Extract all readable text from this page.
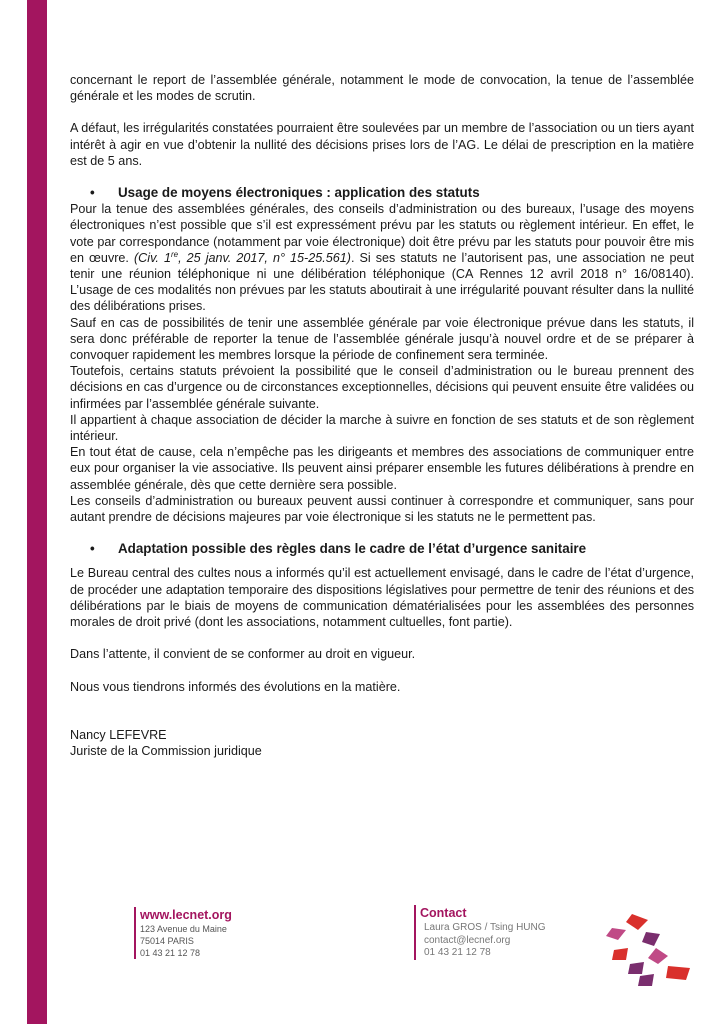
concernant le report de l’assemblée générale, notamment le mode de convocation, la tenue de l’assemblée générale et les modes de scrutin.

A défaut, les irrégularités constatées pourraient être soulevées par un membre de l’association ou un tiers ayant intérêt à agir en vue d’obtenir la nullité des décisions prises lors de l’AG. Le délai de prescription en la matière est de 5 ans.

•	Usage de moyens électroniques : application des statuts

Pour la tenue des assemblées générales, des conseils d’administration ou des bureaux, l’usage des moyens électroniques n’est possible que s’il est expressément prévu par les statuts ou règlement intérieur. En effet, le vote par correspondance (notamment par voie électronique) doit être prévu par les statuts pour pouvoir être mis en œuvre. (Civ. 1re, 25 janv. 2017, n° 15-25.561). Si ses statuts ne l’autorisent pas, une association ne peut tenir une réunion téléphonique ni une délibération téléphonique (CA Rennes 12 avril 2018 n° 16/08140). L’usage de ces modalités non prévues par les statuts aboutirait à une irrégularité pouvant résulter dans la nullité des délibérations prises.

Sauf en cas de possibilités de tenir une assemblée générale par voie électronique prévue dans les statuts, il sera donc préférable de reporter la tenue de l’assemblée générale jusqu’à nouvel ordre et de se préparer à convoquer rapidement les membres lorsque la période de confinement sera terminée.

Toutefois, certains statuts prévoient la possibilité que le conseil d’administration ou le bureau prennent des décisions en cas d’urgence ou de circonstances exceptionnelles, décisions qui peuvent ensuite être validées ou infirmées par l’assemblée générale suivante.

Il appartient à chaque association de décider la marche à suivre en fonction de ses statuts et de son règlement intérieur.

En tout état de cause, cela n’empêche pas les dirigeants et membres des associations de communiquer entre eux pour organiser la vie associative. Ils peuvent ainsi préparer ensemble les futures délibérations à prendre en assemblée générale, dès que cette dernière sera possible.

Les conseils d’administration ou bureaux peuvent aussi continuer à correspondre et communiquer, sans pour autant prendre de décisions majeures par voie électronique si les statuts ne le permettent pas.

•	Adaptation possible des règles dans le cadre de l’état d’urgence sanitaire

Le Bureau central des cultes nous a informés qu’il est actuellement envisagé, dans le cadre de l’état d’urgence, de procéder une adaptation temporaire des dispositions législatives pour permettre de tenir des réunions et des délibérations par le biais de moyens de communication dématérialisées pour les assemblées des personnes morales de droit privé (dont les associations, notamment cultuelles, font partie).

Dans l’attente, il convient de se conformer au droit en vigueur.

Nous vous tiendrons informés des évolutions en la matière.

Nancy LEFEVRE

Juriste de la Commission juridique

www.lecnet.org
123 Avenue du Maine
75014 PARIS
01 43 21 12 78
Contact
Laura GROS / Tsing HUNG
contact@lecnef.org
01 43 21 12 78
